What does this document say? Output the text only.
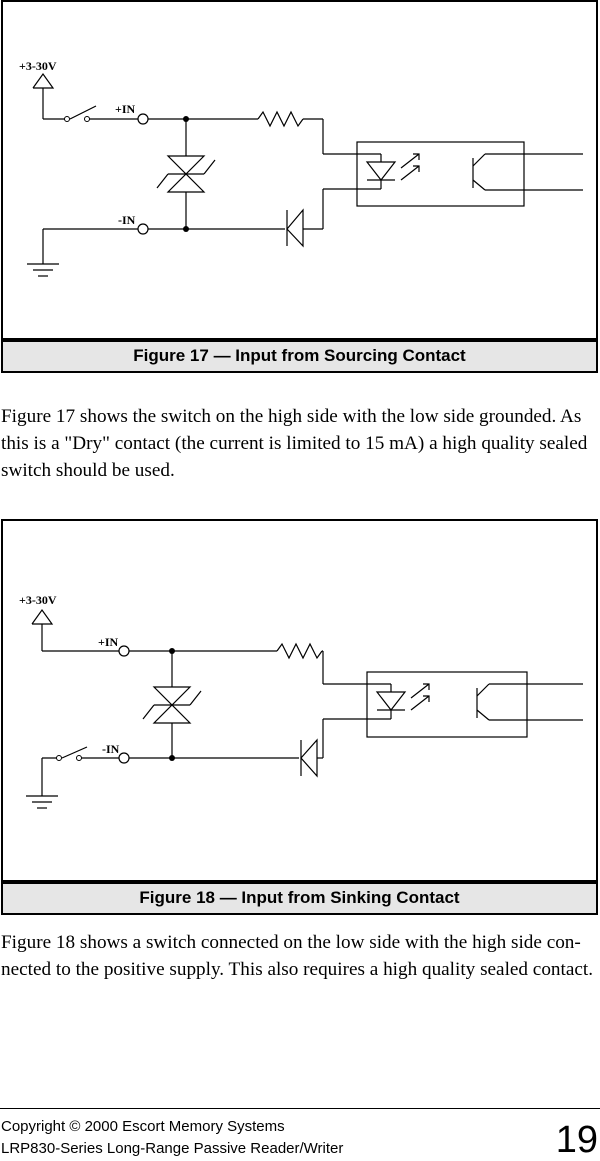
+3-30V
+IN
-IN
Figure 17 — Input from Sourcing Contact

Figure 17 shows the switch on the high side with the low side grounded. As this is a "Dry" contact (the current is limited to 15 mA) a high quality sealed switch should be used.

+3-30V
+IN
-IN
Figure 18 — Input from Sinking Contact

Figure 18 shows a switch connected on the low side with the high side con-nected to the positive supply. This also requires a high quality sealed contact.

Copyright © 2000 Escort Memory Systems
LRP830-Series Long-Range Passive Reader/Writer	19
